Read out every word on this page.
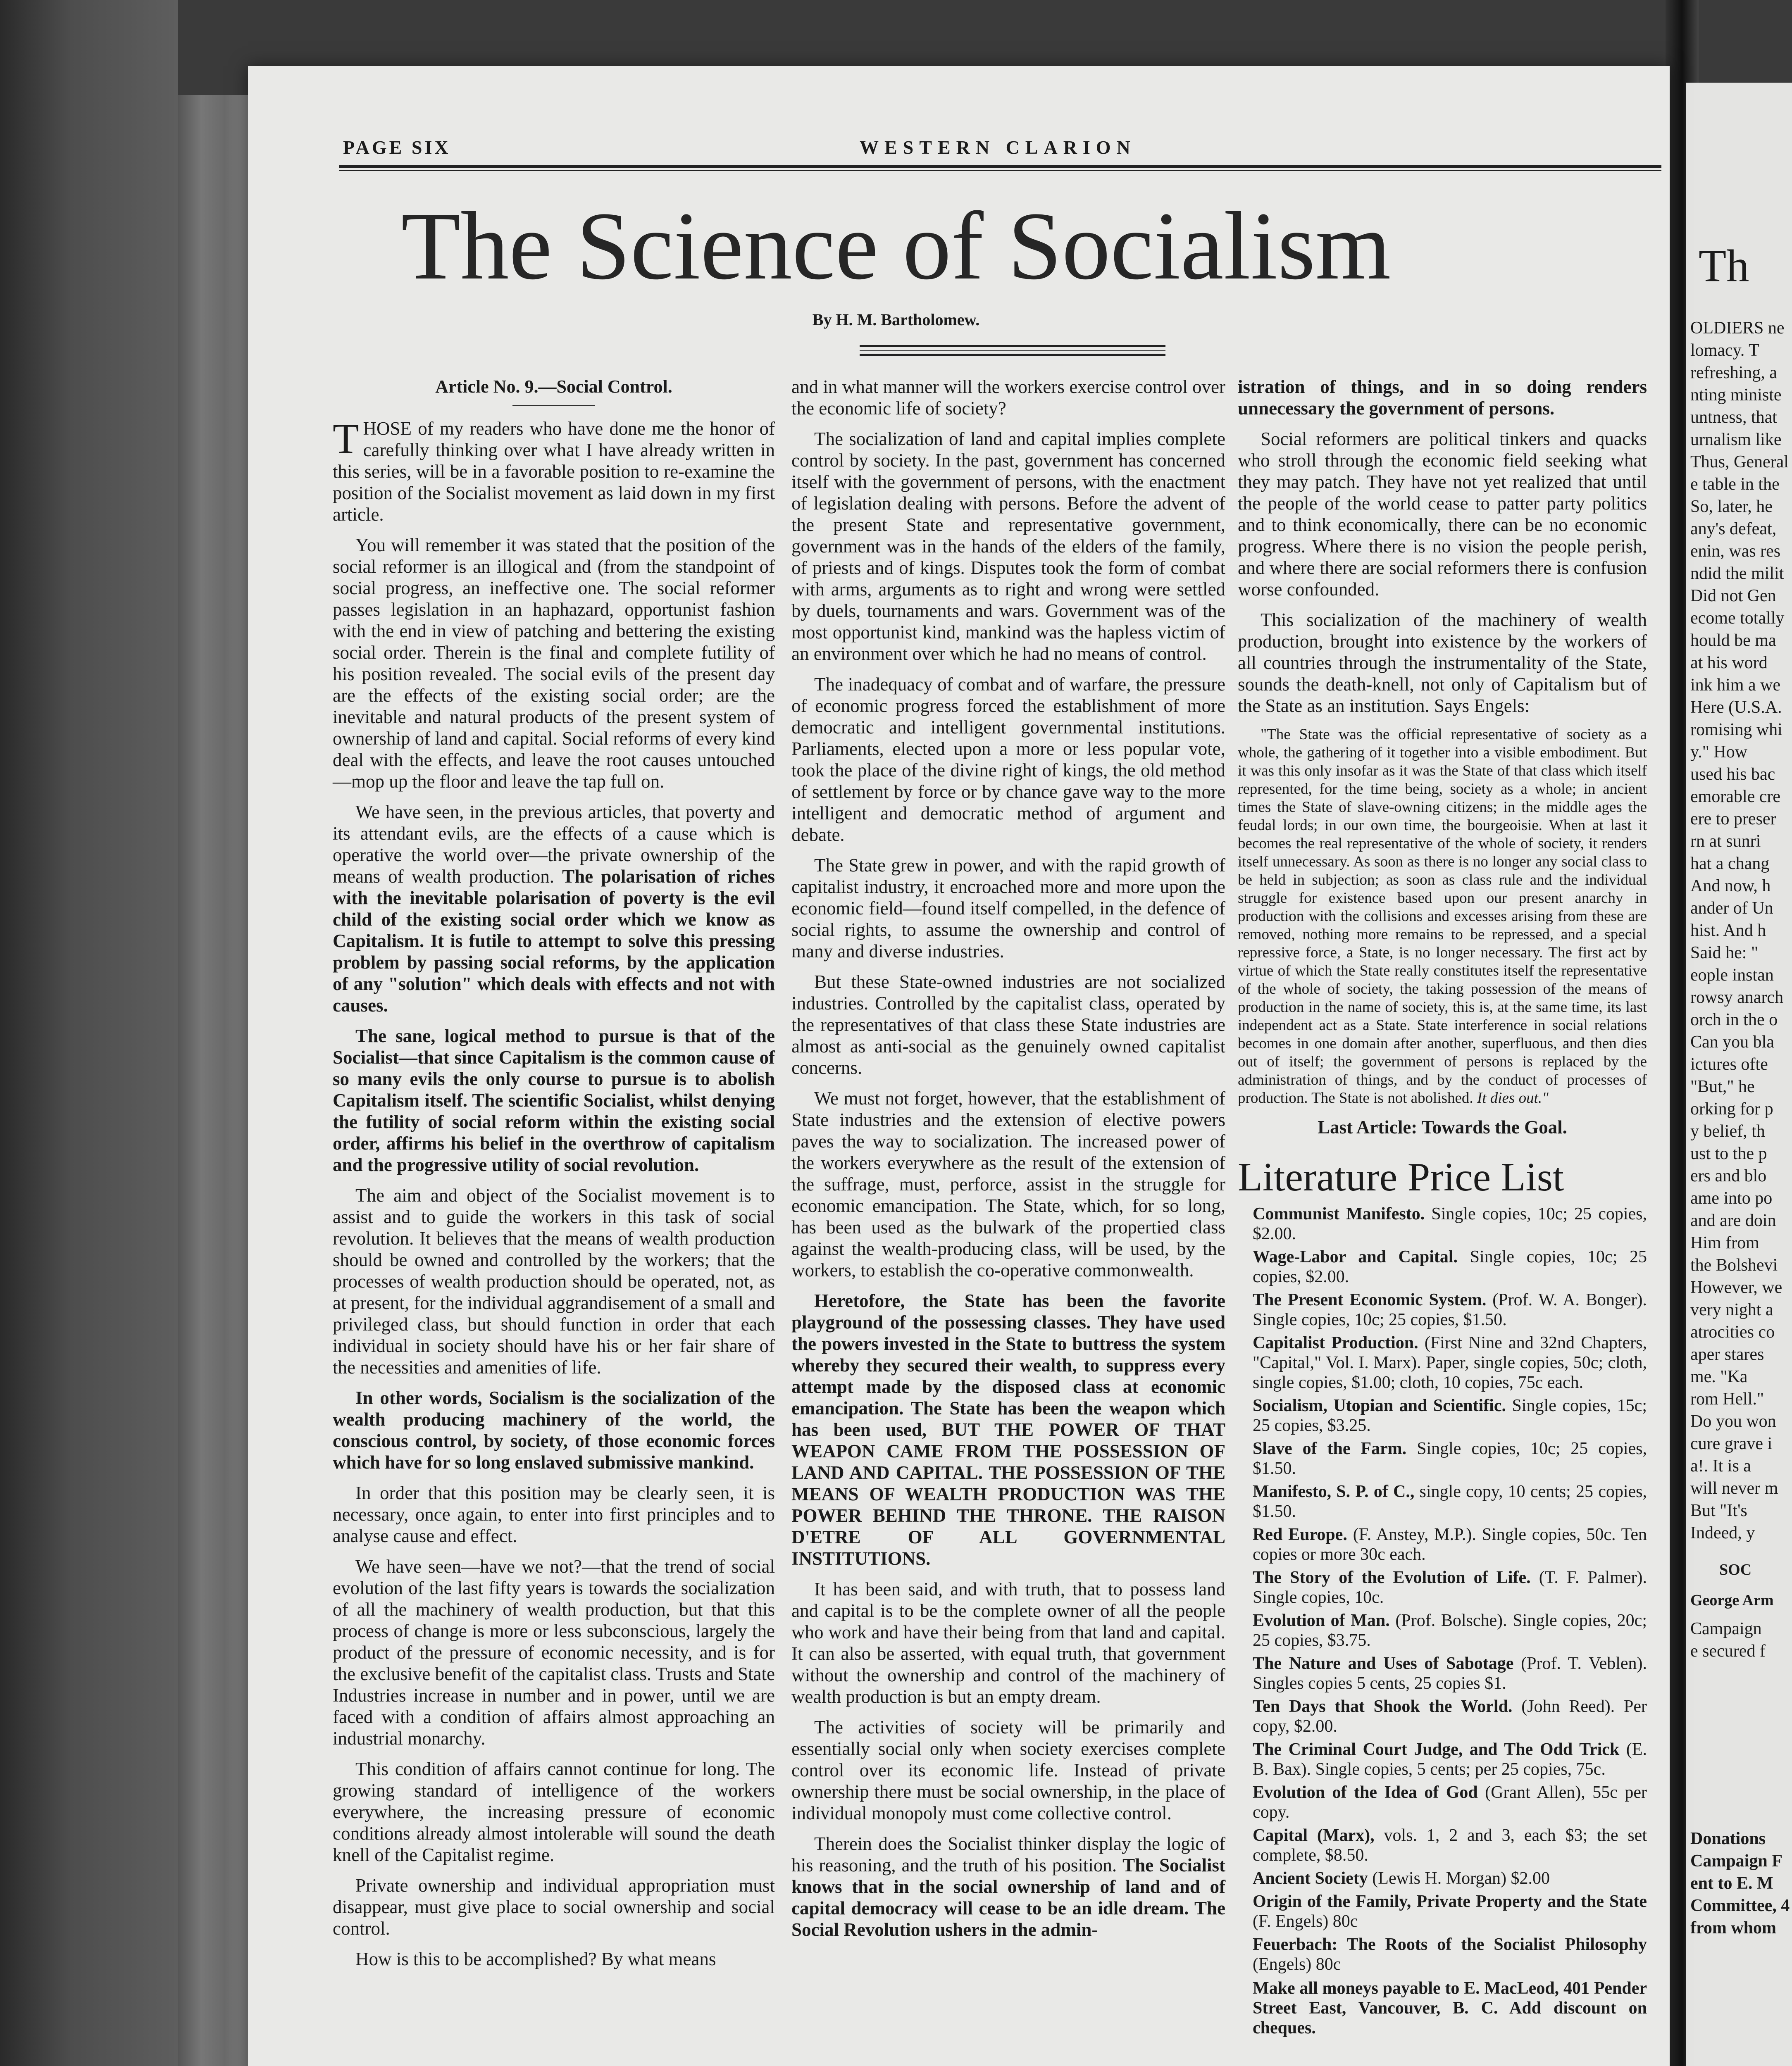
Th
OLDIERS ne
lomacy. T
refreshing, a
nting ministe
untness, that
urnalism like
Thus, General
e table in the
So, later, he
any's defeat,
enin, was res
ndid the milit
Did not Gen
ecome totally
hould be ma
at his word
ink him a we
Here (U.S.A.
romising whi
y." How
used his bac
emorable cre
ere to preser
rn at sunri
hat a chang
And now, h
ander of Un
hist. And h
Said he: "
eople instan
rowsy anarch
orch in the o
Can you bla
ictures ofte
"But," he
orking for p
y belief, th
ust to the p
ers and blo
ame into po
and are doin
Him from
the Bolshevi
However, we
very night a
atrocities co
aper stares
me. "Ka
rom Hell."
Do you won
cure grave i
a!. It is a
will never m
But "It's
Indeed, y
SOC
George Arm
Campaign
e secured f
Donations
Campaign F
ent to E. M
Committee, 4
from whom
PAGE SIX	WESTERN CLARION
The Science of Socialism
By H. M. Bartholomew.
Article No. 9.—Social Control.

THOSE of my readers who have done me the honor of carefully thinking over what I have already written in this series, will be in a favorable position to re-examine the position of the Socialist movement as laid down in my first article.

You will remember it was stated that the position of the social reformer is an illogical and (from the standpoint of social progress, an ineffective one. The social reformer passes legislation in an haphazard, opportunist fashion with the end in view of patching and bettering the existing social order. Therein is the final and complete futility of his position revealed. The social evils of the present day are the effects of the existing social order; are the inevitable and natural products of the present system of ownership of land and capital. Social reforms of every kind deal with the effects, and leave the root causes untouched—mop up the floor and leave the tap full on.

We have seen, in the previous articles, that poverty and its attendant evils, are the effects of a cause which is operative the world over—the private ownership of the means of wealth production. The polarisation of riches with the inevitable polarisation of poverty is the evil child of the existing social order which we know as Capitalism. It is futile to attempt to solve this pressing problem by passing social reforms, by the application of any "solution" which deals with effects and not with causes.

The sane, logical method to pursue is that of the Socialist—that since Capitalism is the common cause of so many evils the only course to pursue is to abolish Capitalism itself. The scientific Socialist, whilst denying the futility of social reform within the existing social order, affirms his belief in the overthrow of capitalism and the progressive utility of social revolution.

The aim and object of the Socialist movement is to assist and to guide the workers in this task of social revolution. It believes that the means of wealth production should be owned and controlled by the workers; that the processes of wealth production should be operated, not, as at present, for the individual aggrandisement of a small and privileged class, but should function in order that each individual in society should have his or her fair share of the necessities and amenities of life.

In other words, Socialism is the socialization of the wealth producing machinery of the world, the conscious control, by society, of those economic forces which have for so long enslaved submissive mankind.

In order that this position may be clearly seen, it is necessary, once again, to enter into first principles and to analyse cause and effect.

We have seen—have we not?—that the trend of social evolution of the last fifty years is towards the socialization of all the machinery of wealth production, but that this process of change is more or less subconscious, largely the product of the pressure of economic necessity, and is for the exclusive benefit of the capitalist class. Trusts and State Industries increase in number and in power, until we are faced with a condition of affairs almost approaching an industrial monarchy.

This condition of affairs cannot continue for long. The growing standard of intelligence of the workers everywhere, the increasing pressure of economic conditions already almost intolerable will sound the death knell of the Capitalist regime.

Private ownership and individual appropriation must disappear, must give place to social ownership and social control.

How is this to be accomplished? By what means

and in what manner will the workers exercise control over the economic life of society?

The socialization of land and capital implies complete control by society. In the past, government has concerned itself with the government of persons, with the enactment of legislation dealing with persons. Before the advent of the present State and representative government, government was in the hands of the elders of the family, of priests and of kings. Disputes took the form of combat with arms, arguments as to right and wrong were settled by duels, tournaments and wars. Government was of the most opportunist kind, mankind was the hapless victim of an environment over which he had no means of control.

The inadequacy of combat and of warfare, the pressure of economic progress forced the establishment of more democratic and intelligent governmental institutions. Parliaments, elected upon a more or less popular vote, took the place of the divine right of kings, the old method of settlement by force or by chance gave way to the more intelligent and democratic method of argument and debate.

The State grew in power, and with the rapid growth of capitalist industry, it encroached more and more upon the economic field—found itself compelled, in the defence of social rights, to assume the ownership and control of many and diverse industries.

But these State-owned industries are not socialized industries. Controlled by the capitalist class, operated by the representatives of that class these State industries are almost as anti-social as the genuinely owned capitalist concerns.

We must not forget, however, that the establishment of State industries and the extension of elective powers paves the way to socialization. The increased power of the workers everywhere as the result of the extension of the suffrage, must, perforce, assist in the struggle for economic emancipation. The State, which, for so long, has been used as the bulwark of the propertied class against the wealth-producing class, will be used, by the workers, to establish the co-operative commonwealth.

Heretofore, the State has been the favorite playground of the possessing classes. They have used the powers invested in the State to buttress the system whereby they secured their wealth, to suppress every attempt made by the disposed class at economic emancipation. The State has been the weapon which has been used, BUT THE POWER OF THAT WEAPON CAME FROM THE POSSESSION OF LAND AND CAPITAL. THE POSSESSION OF THE MEANS OF WEALTH PRODUCTION WAS THE POWER BEHIND THE THRONE. THE RAISON D'ETRE OF ALL GOVERNMENTAL INSTITUTIONS.

It has been said, and with truth, that to possess land and capital is to be the complete owner of all the people who work and have their being from that land and capital. It can also be asserted, with equal truth, that government without the ownership and control of the machinery of wealth production is but an empty dream.

The activities of society will be primarily and essentially social only when society exercises complete control over its economic life. Instead of private ownership there must be social ownership, in the place of individual monopoly must come collective control.

Therein does the Socialist thinker display the logic of his reasoning, and the truth of his position. The Socialist knows that in the social ownership of land and of capital democracy will cease to be an idle dream. The Social Revolution ushers in the admin-

istration of things, and in so doing renders unnecessary the government of persons.

Social reformers are political tinkers and quacks who stroll through the economic field seeking what they may patch. They have not yet realized that until the people of the world cease to patter party politics and to think economically, there can be no economic progress. Where there is no vision the people perish, and where there are social reformers there is confusion worse confounded.

This socialization of the machinery of wealth production, brought into existence by the workers of all countries through the instrumentality of the State, sounds the death-knell, not only of Capitalism but of the State as an institution. Says Engels:

"The State was the official representative of society as a whole, the gathering of it together into a visible embodiment. But it was this only insofar as it was the State of that class which itself represented, for the time being, society as a whole; in ancient times the State of slave-owning citizens; in the middle ages the feudal lords; in our own time, the bourgeoisie. When at last it becomes the real representative of the whole of society, it renders itself unnecessary. As soon as there is no longer any social class to be held in subjection; as soon as class rule and the individual struggle for existence based upon our present anarchy in production with the collisions and excesses arising from these are removed, nothing more remains to be repressed, and a special repressive force, a State, is no longer necessary. The first act by virtue of which the State really constitutes itself the representative of the whole of society, the taking possession of the means of production in the name of society, this is, at the same time, its last independent act as a State. State interference in social relations becomes in one domain after another, superfluous, and then dies out of itself; the government of persons is replaced by the administration of things, and by the conduct of processes of production. The State is not abolished. It dies out."

Last Article: Towards the Goal.
Literature Price List
Communist Manifesto. Single copies, 10c; 25 copies, $2.00.
Wage-Labor and Capital. Single copies, 10c; 25 copies, $2.00.
The Present Economic System. (Prof. W. A. Bonger). Single copies, 10c; 25 copies, $1.50.
Capitalist Production. (First Nine and 32nd Chapters, "Capital," Vol. I. Marx). Paper, single copies, 50c; cloth, single copies, $1.00; cloth, 10 copies, 75c each.
Socialism, Utopian and Scientific. Single copies, 15c; 25 copies, $3.25.
Slave of the Farm. Single copies, 10c; 25 copies, $1.50.
Manifesto, S. P. of C., single copy, 10 cents; 25 copies, $1.50.
Red Europe. (F. Anstey, M.P.). Single copies, 50c. Ten copies or more 30c each.
The Story of the Evolution of Life. (T. F. Palmer). Single copies, 10c.
Evolution of Man. (Prof. Bolsche). Single copies, 20c; 25 copies, $3.75.
The Nature and Uses of Sabotage (Prof. T. Veblen). Singles copies 5 cents, 25 copies $1.
Ten Days that Shook the World. (John Reed). Per copy, $2.00.
The Criminal Court Judge, and The Odd Trick (E. B. Bax). Single copies, 5 cents; per 25 copies, 75c.
Evolution of the Idea of God (Grant Allen), 55c per copy.
Capital (Marx), vols. 1, 2 and 3, each $3; the set complete, $8.50.
Ancient Society (Lewis H. Morgan) $2.00
Origin of the Family, Private Property and the State (F. Engels) 80c
Feuerbach: The Roots of the Socialist Philosophy (Engels) 80c
Make all moneys payable to E. MacLeod, 401 Pender Street East, Vancouver, B. C. Add discount on cheques.
